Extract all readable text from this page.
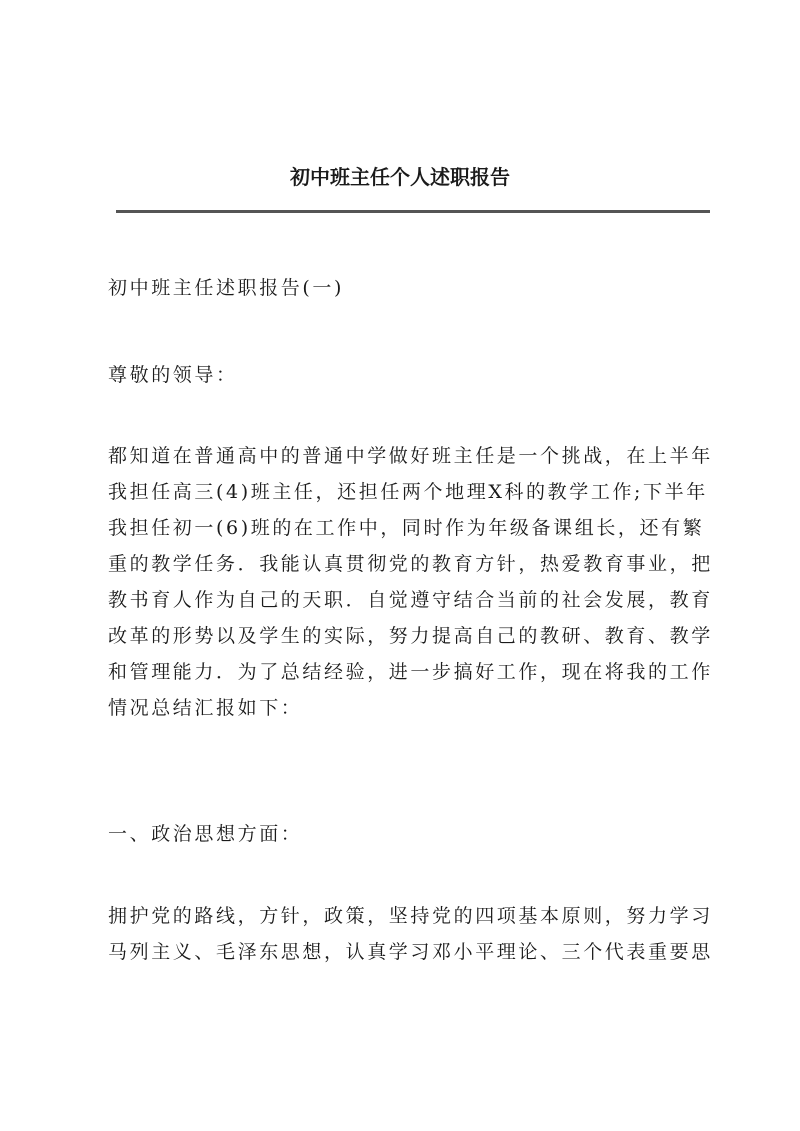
初中班主任个人述职报告
初中班主任述职报告(一)
尊敬的领导：
都知道在普通高中的普通中学做好班主任是一个挑战，在上半年
我担任高三(4)班主任，还担任两个地理X科的教学工作;下半年
我担任初一(6)班的在工作中，同时作为年级备课组长，还有繁
重的教学任务．我能认真贯彻党的教育方针，热爱教育事业，把
教书育人作为自己的天职．自觉遵守结合当前的社会发展，教育
改革的形势以及学生的实际，努力提高自己的教研、教育、教学
和管理能力．为了总结经验，进一步搞好工作，现在将我的工作
情况总结汇报如下：
一、政治思想方面：
拥护党的路线，方针，政策，坚持党的四项基本原则，努力学习
马列主义、毛泽东思想，认真学习邓小平理论、三个代表重要思
